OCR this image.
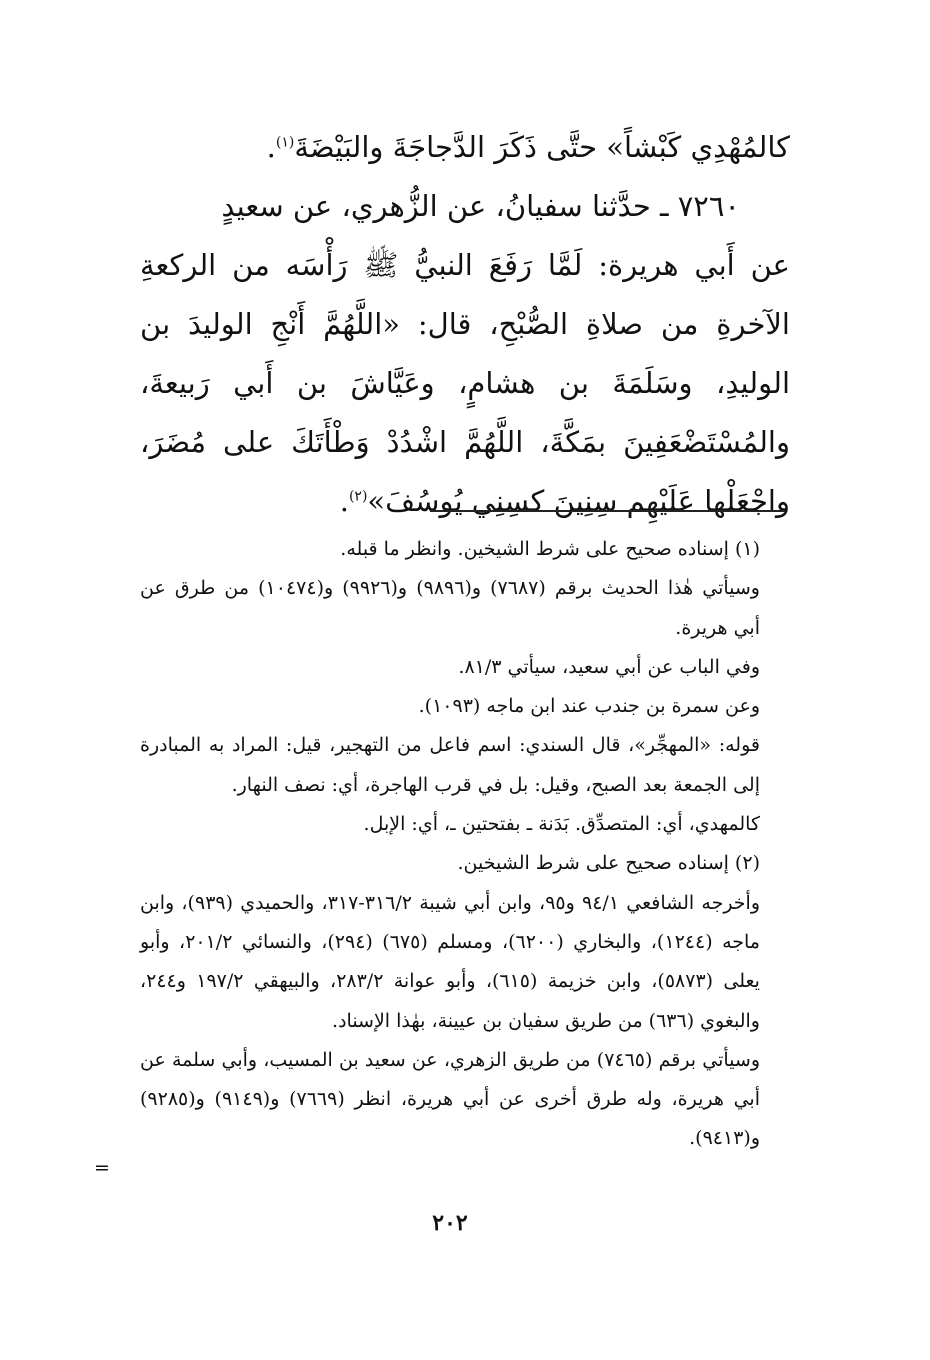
كالمُهْدِي كَبْشاً» حتَّى ذَكَرَ الدَّجاجَةَ والبَيْضَةَ$^{(١)}$.

٧٢٦٠ ـ حدَّثنا سفيانُ، عن الزُّهري، عن سعيدٍ

عن أَبي هريرة: لَمَّا رَفَعَ النبيُّ ﷺ رَأْسَه من الركعةِ الآخرةِ من صلاةِ الصُّبْحِ، قال: «اللَّهُمَّ أَنْجِ الوليدَ بن الوليدِ، وسَلَمَةَ بن هشامٍ، وعَيَّاشَ بن أَبي رَبيعةَ، والمُسْتَضْعَفِينَ بمَكَّةَ، اللَّهُمَّ اشْدُدْ وَطْأَتَكَ على مُضَرَ، واجْعَلْها عَلَيْهِم سِنِينَ كسِنِي يُوسُفَ»$^{(٢)}$.

(١) إسناده صحيح على شرط الشيخين. وانظر ما قبله.

وسيأتي هٰذا الحديث برقم (٧٦٨٧) و(٩٨٩٦) و(٩٩٢٦) و(١٠٤٧٤) من طرق عن أبي هريرة.

وفي الباب عن أبي سعيد، سيأتي ٨١/٣.

وعن سمرة بن جندب عند ابن ماجه (١٠٩٣).

قوله: «المهجِّر»، قال السندي: اسم فاعل من التهجير، قيل: المراد به المبادرة إلى الجمعة بعد الصبح، وقيل: بل في قرب الهاجرة، أي: نصف النهار.

كالمهدي، أي: المتصدِّق. بَدَنة ـ بفتحتين ـ، أي: الإبل.

(٢) إسناده صحيح على شرط الشيخين.

وأخرجه الشافعي ٩٤/١ و٩٥، وابن أبي شيبة ٣١٦/٢-٣١٧، والحميدي (٩٣٩)، وابن ماجه (١٢٤٤)، والبخاري (٦٢٠٠)، ومسلم (٦٧٥) (٢٩٤)، والنسائي ٢٠١/٢، وأبو يعلى (٥٨٧٣)، وابن خزيمة (٦١٥)، وأبو عوانة ٢٨٣/٢، والبيهقي ١٩٧/٢ و٢٤٤، والبغوي (٦٣٦) من طريق سفيان بن عيينة، بهٰذا الإسناد.

وسيأتي برقم (٧٤٦٥) من طريق الزهري، عن سعيد بن المسيب، وأبي سلمة عن أبي هريرة، وله طرق أخرى عن أبي هريرة، انظر (٧٦٦٩) و(٩١٤٩) و(٩٢٨٥) و(٩٤١٣).

=
٢٠٢
